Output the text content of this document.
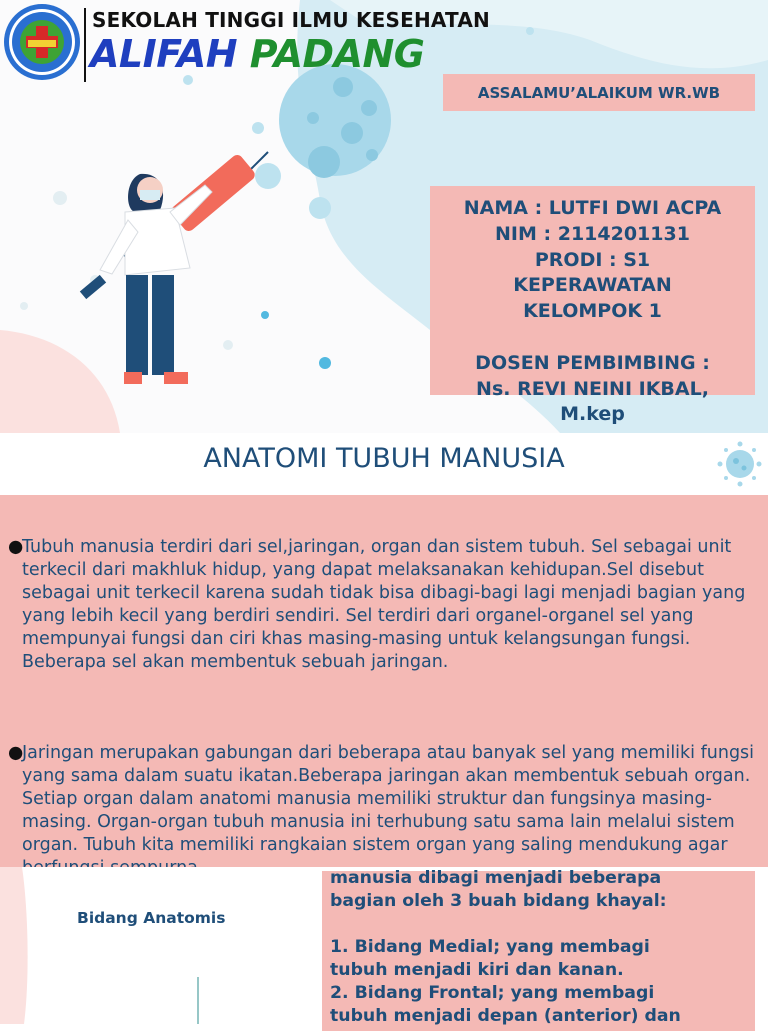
SEKOLAH TINGGI ILMU KESEHATAN
ALIFAH PADANG
ASSALAMU’ALAIKUM WR.WB
NAMA : LUTFI DWI ACPA
NIM : 2114201131
PRODI : S1
KEPERAWATAN
KELOMPOK 1
DOSEN PEMBIMBING :
Ns. REVI NEINI IKBAL,
M.kep
ANATOMI TUBUH MANUSIA
●
Tubuh manusia terdiri dari sel,jaringan, organ dan sistem tubuh. Sel sebagai unit terkecil dari makhluk hidup, yang dapat melaksanakan kehidupan.Sel disebut sebagai unit terkecil karena sudah tidak bisa dibagi-bagi lagi menjadi bagian yang yang lebih kecil yang berdiri sendiri. Sel terdiri dari organel-organel sel yang mempunyai fungsi dan ciri khas masing-masing untuk kelangsungan fungsi. Beberapa sel akan membentuk sebuah jaringan.
●
Jaringan merupakan gabungan dari beberapa atau banyak sel yang memiliki fungsi yang sama dalam suatu ikatan.Beberapa jaringan akan membentuk sebuah organ. Setiap organ dalam anatomi manusia memiliki struktur dan fungsinya masing-masing. Organ-organ tubuh manusia ini terhubung satu sama lain melalui sistem organ. Tubuh kita memiliki rangkaian sistem organ yang saling mendukung agar
Bidang Anatomis
manusia dibagi menjadi beberapa
bagian oleh 3 buah bidang khayal:
1. Bidang Medial; yang membagi
tubuh menjadi kiri dan kanan.
2. Bidang Frontal; yang membagi
tubuh menjadi depan (anterior) dan
